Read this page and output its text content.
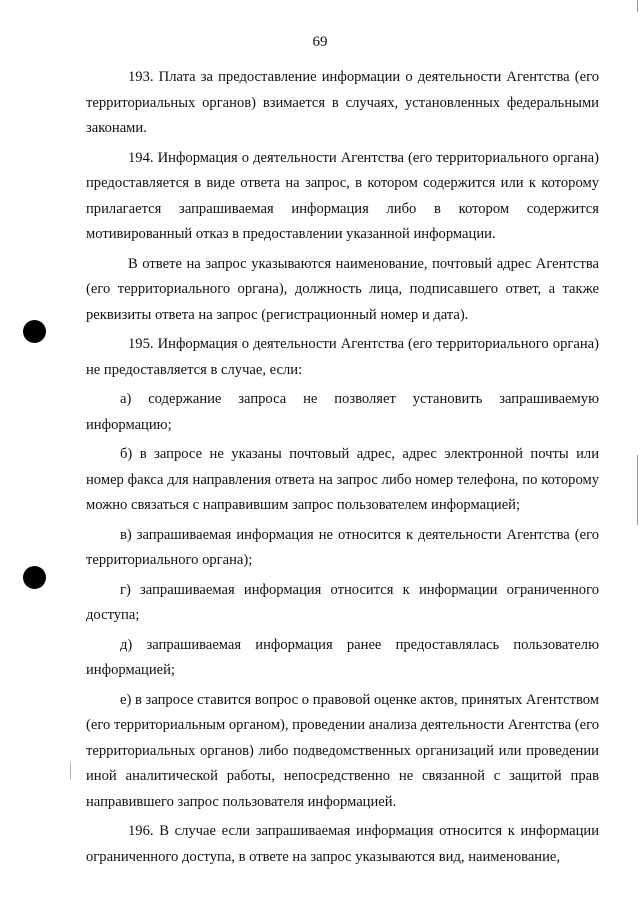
69

193. Плата за предоставление информации о деятельности Агентства (его территориальных органов) взимается в случаях, установленных федеральными законами.

194. Информация о деятельности Агентства (его территориального органа) предоставляется в виде ответа на запрос, в котором содержится или к которому прилагается запрашиваемая информация либо в котором содержится мотивированный отказ в предоставлении указанной информации.

В ответе на запрос указываются наименование, почтовый адрес Агентства (его территориального органа), должность лица, подписавшего ответ, а также реквизиты ответа на запрос (регистрационный номер и дата).

195. Информация о деятельности Агентства (его территориального органа) не предоставляется в случае, если:

а) содержание запроса не позволяет установить запрашиваемую информацию;

б) в запросе не указаны почтовый адрес, адрес электронной почты или номер факса для направления ответа на запрос либо номер телефона, по которому можно связаться с направившим запрос пользователем информацией;

в) запрашиваемая информация не относится к деятельности Агентства (его территориального органа);

г) запрашиваемая информация относится к информации ограниченного доступа;

д) запрашиваемая информация ранее предоставлялась пользователю информацией;

е) в запросе ставится вопрос о правовой оценке актов, принятых Агентством (его территориальным органом), проведении анализа деятельности Агентства (его территориальных органов) либо подведомственных организаций или проведении иной аналитической работы, непосредственно не связанной с защитой прав направившего запрос пользователя информацией.

196. В случае если запрашиваемая информация относится к информации ограниченного доступа, в ответе на запрос указываются вид, наименование,
